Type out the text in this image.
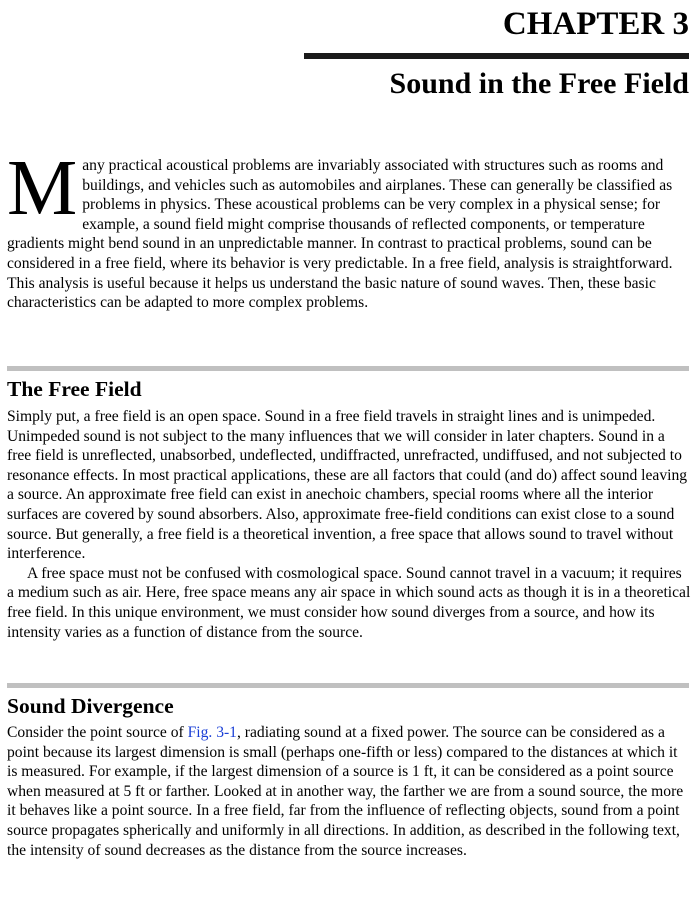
CHAPTER 3
Sound in the Free Field
Many practical acoustical problems are invariably associated with structures such as rooms and buildings, and vehicles such as automobiles and airplanes. These can generally be classified as problems in physics. These acoustical problems can be very complex in a physical sense; for example, a sound field might comprise thousands of reflected components, or temperature gradients might bend sound in an unpredictable manner. In contrast to practical problems, sound can be considered in a free field, where its behavior is very predictable. In a free field, analysis is straightforward. This analysis is useful because it helps us understand the basic nature of sound waves. Then, these basic characteristics can be adapted to more complex problems.
The Free Field

Simply put, a free field is an open space. Sound in a free field travels in straight lines and is unimpeded. Unimpeded sound is not subject to the many influences that we will consider in later chapters. Sound in a free field is unreflected, unabsorbed, undeflected, undiffracted, unrefracted, undiffused, and not subjected to resonance effects. In most practical applications, these are all factors that could (and do) affect sound leaving a source. An approximate free field can exist in anechoic chambers, special rooms where all the interior surfaces are covered by sound absorbers. Also, approximate free-field conditions can exist close to a sound source. But generally, a free field is a theoretical invention, a free space that allows sound to travel without interference.

A free space must not be confused with cosmological space. Sound cannot travel in a vacuum; it requires a medium such as air. Here, free space means any air space in which sound acts as though it is in a theoretical free field. In this unique environment, we must consider how sound diverges from a source, and how its intensity varies as a function of distance from the source.

Sound Divergence

Consider the point source of Fig. 3-1, radiating sound at a fixed power. The source can be considered as a point because its largest dimension is small (perhaps one-fifth or less) compared to the distances at which it is measured. For example, if the largest dimension of a source is 1 ft, it can be considered as a point source when measured at 5 ft or farther. Looked at in another way, the farther we are from a sound source, the more it behaves like a point source. In a free field, far from the influence of reflecting objects, sound from a point source propagates spherically and uniformly in all directions. In addition, as described in the following text, the intensity of sound decreases as the distance from the source increases.
